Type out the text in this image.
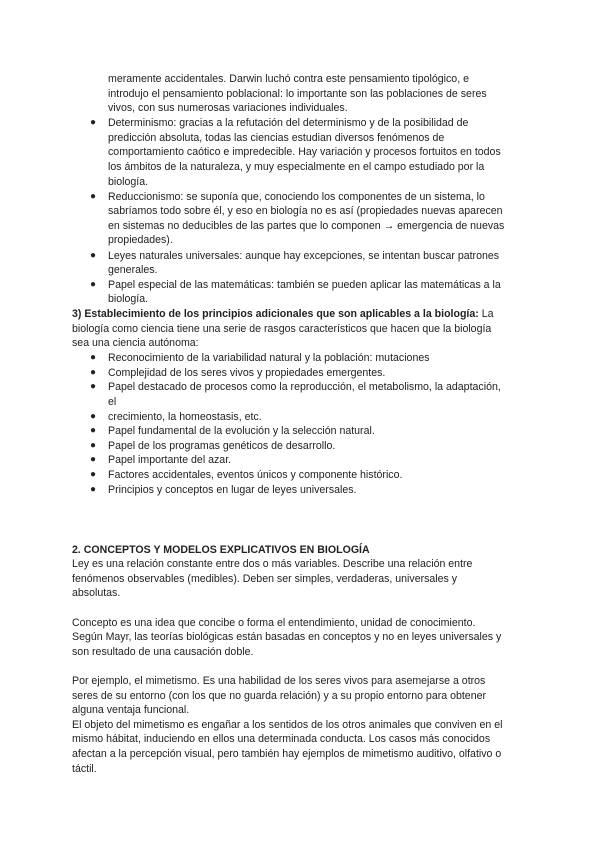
meramente accidentales. Darwin luchó contra este pensamiento tipológico, e
introdujo el pensamiento poblacional: lo importante son las poblaciones de seres
vivos, con sus numerosas variaciones individuales.
● Determinismo: gracias a la refutación del determinismo y de la posibilidad de
predicción absoluta, todas las ciencias estudian diversos fenómenos de
comportamiento caótico e impredecible. Hay variación y procesos fortuitos en todos
los ámbitos de la naturaleza, y muy especialmente en el campo estudiado por la
biología.
● Reduccionismo: se suponía que, conociendo los componentes de un sistema, lo
sabríamos todo sobre él, y eso en biología no es así (propiedades nuevas aparecen
en sistemas no deducibles de las partes que lo componen → emergencia de nuevas
propiedades).
● Leyes naturales universales: aunque hay excepciones, se intentan buscar patrones
generales.
● Papel especial de las matemáticas: también se pueden aplicar las matemáticas a la
biología.
3) Establecimiento de los principios adicionales que son aplicables a la biología: La
biología como ciencia tiene una serie de rasgos característicos que hacen que la biología
sea una ciencia autónoma:
● Reconocimiento de la variabilidad natural y la población: mutaciones
● Complejidad de los seres vivos y propiedades emergentes.
● Papel destacado de procesos como la reproducción, el metabolismo, la adaptación,
el
● crecimiento, la homeostasis, etc.
● Papel fundamental de la evolución y la selección natural.
● Papel de los programas genéticos de desarrollo.
● Papel importante del azar.
● Factores accidentales, eventos únicos y componente histórico.
● Principios y conceptos en lugar de leyes universales.
2. CONCEPTOS Y MODELOS EXPLICATIVOS EN BIOLOGÍA
Ley es una relación constante entre dos o más variables. Describe una relación entre
fenómenos observables (medibles). Deben ser simples, verdaderas, universales y
absolutas.
Concepto es una idea que concibe o forma el entendimiento, unidad de conocimiento.
Según Mayr, las teorías biológicas están basadas en conceptos y no en leyes universales y
son resultado de una causación doble.
Por ejemplo, el mimetismo. Es una habilidad de los seres vivos para asemejarse a otros
seres de su entorno (con los que no guarda relación) y a su propio entorno para obtener
alguna ventaja funcional.
El objeto del mimetismo es engañar a los sentidos de los otros animales que conviven en el
mismo hábitat, induciendo en ellos una determinada conducta. Los casos más conocidos
afectan a la percepción visual, pero también hay ejemplos de mimetismo auditivo, olfativo o
táctil.
